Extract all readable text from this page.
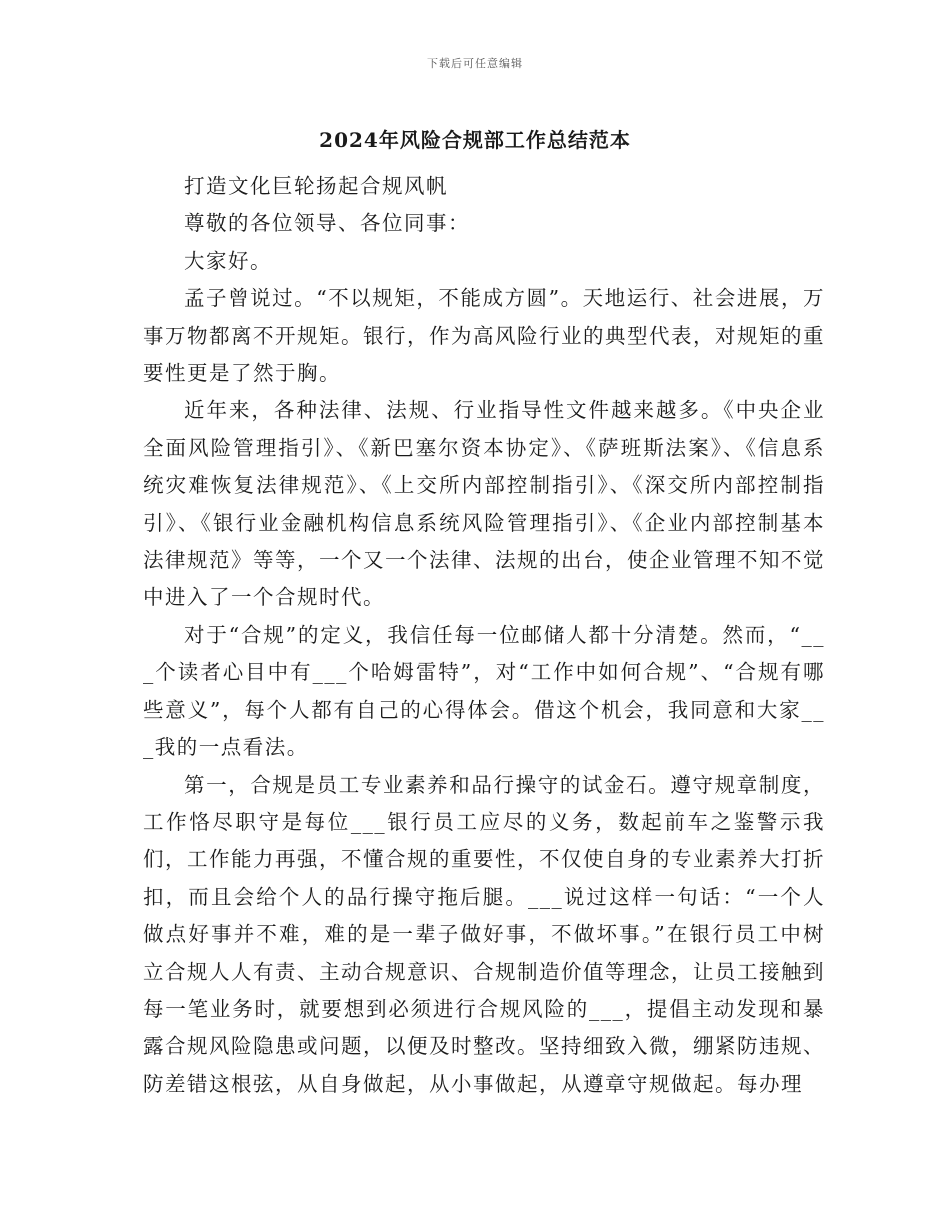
下载后可任意编辑
2024年风险合规部工作总结范本

打造文化巨轮扬起合规风帆

尊敬的各位领导、各位同事：

大家好。

孟子曾说过。“不以规矩，不能成方圆”。天地运行、社会进展，万事万物都离不开规矩。银行，作为高风险行业的典型代表，对规矩的重要性更是了然于胸。

近年来，各种法律、法规、行业指导性文件越来越多。《中央企业全面风险管理指引》、《新巴塞尔资本协定》、《萨班斯法案》、《信息系统灾难恢复法律规范》、《上交所内部控制指引》、《深交所内部控制指引》、《银行业金融机构信息系统风险管理指引》、《企业内部控制基本法律规范》等等，一个又一个法律、法规的出台，使企业管理不知不觉中进入了一个合规时代。

对于“合规”的定义，我信任每一位邮储人都十分清楚。然而，“___个读者心目中有___个哈姆雷特”，对“工作中如何合规”、“合规有哪些意义”，每个人都有自己的心得体会。借这个机会，我同意和大家___我的一点看法。

第一，合规是员工专业素养和品行操守的试金石。遵守规章制度，工作恪尽职守是每位___银行员工应尽的义务，数起前车之鉴警示我们，工作能力再强，不懂合规的重要性，不仅使自身的专业素养大打折扣，而且会给个人的品行操守拖后腿。___说过这样一句话：“一个人做点好事并不难，难的是一辈子做好事，不做坏事。”在银行员工中树立合规人人有责、主动合规意识、合规制造价值等理念，让员工接触到每一笔业务时，就要想到必须进行合规风险的___，提倡主动发现和暴露合规风险隐患或问题，以便及时整改。坚持细致入微，绷紧防违规、防差错这根弦，从自身做起，从小事做起，从遵章守规做起。每办理
